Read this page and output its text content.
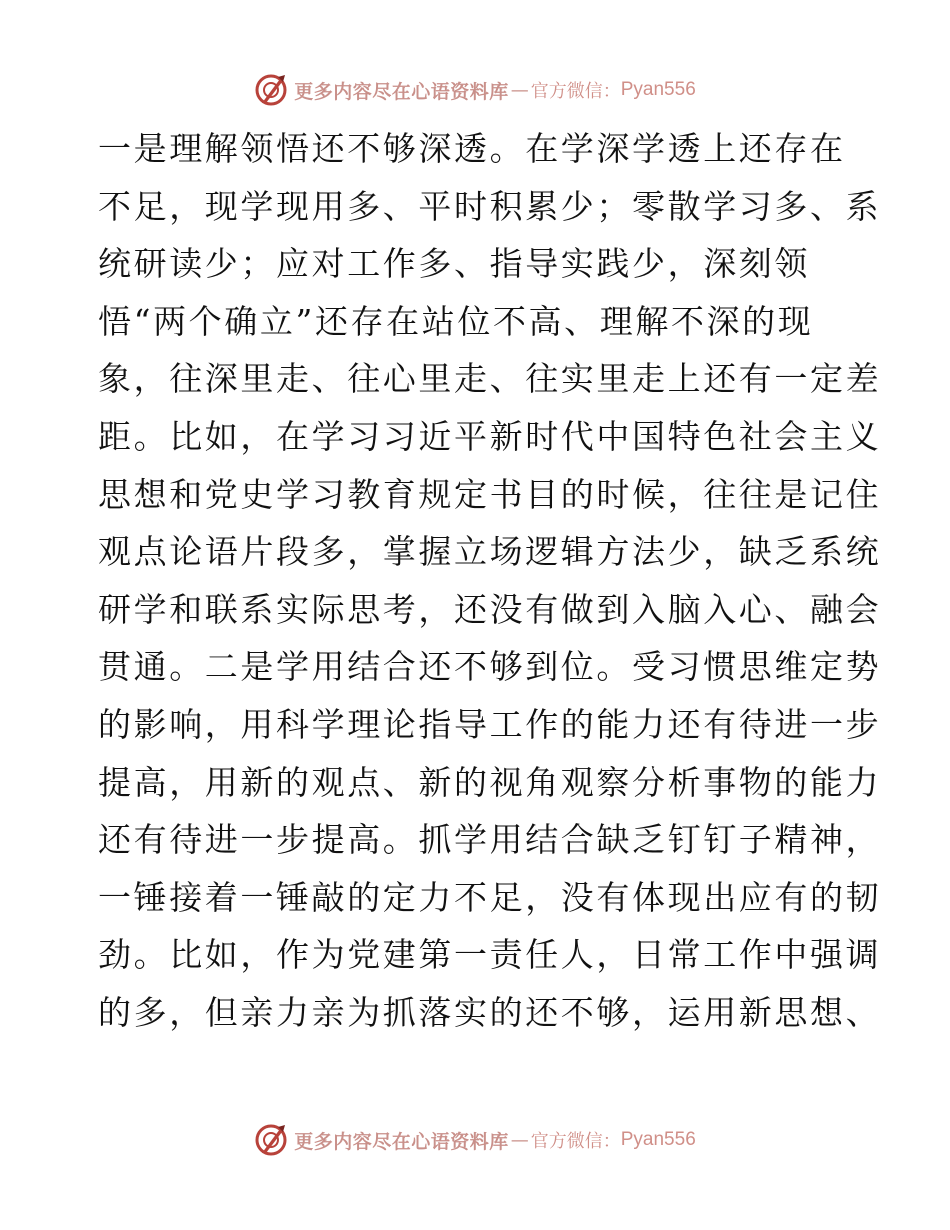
更多内容尽在心语资料库 — 官方微信： Pyan556
一是理解领悟还不够深透。在学深学透上还存在
不足，现学现用多、平时积累少；零散学习多、系
统研读少；应对工作多、指导实践少，深刻领
悟“两个确立”还存在站位不高、理解不深的现
象，往深里走、往心里走、往实里走上还有一定差
距。比如，在学习习近平新时代中国特色社会主义
思想和党史学习教育规定书目的时候，往往是记住
观点论语片段多，掌握立场逻辑方法少，缺乏系统
研学和联系实际思考，还没有做到入脑入心、融会
贯通。二是学用结合还不够到位。受习惯思维定势
的影响，用科学理论指导工作的能力还有待进一步
提高，用新的观点、新的视角观察分析事物的能力
还有待进一步提高。抓学用结合缺乏钉钉子精神，
一锤接着一锤敲的定力不足，没有体现出应有的韧
劲。比如，作为党建第一责任人，日常工作中强调
的多，但亲力亲为抓落实的还不够，运用新思想、
更多内容尽在心语资料库 — 官方微信： Pyan556
